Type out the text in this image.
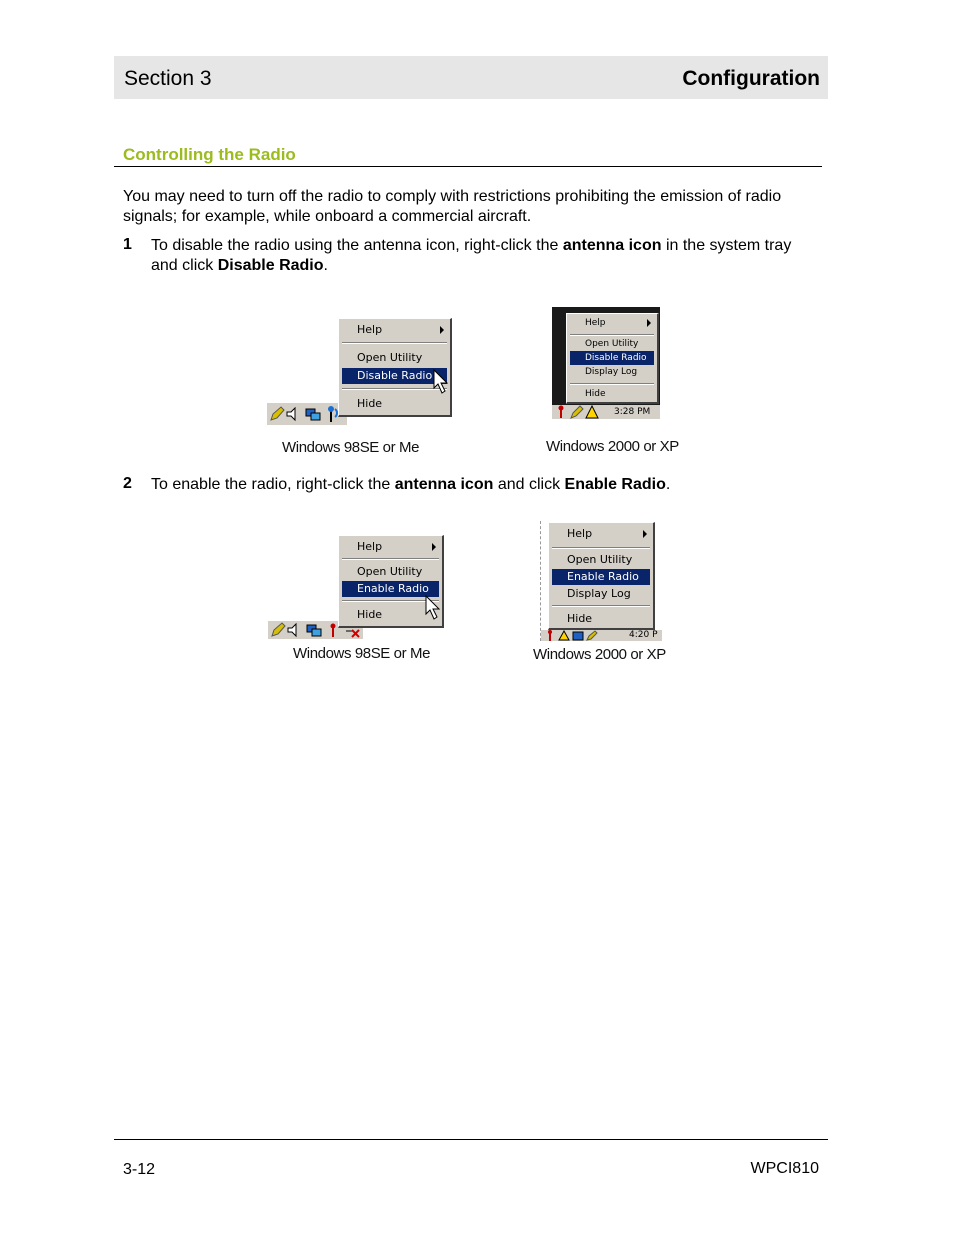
Section 3	Configuration
Controlling the Radio
You may need to turn off the radio to comply with restrictions prohibiting the emission of radio signals; for example, while onboard a commercial aircraft.
1 To disable the radio using the antenna icon, right-click the antenna icon in the system tray and click Disable Radio.
Help
Open Utility
Disable Radio
Hide
Windows 98SE or Me
Help
Open Utility
Disable Radio
Display Log
Hide
3:28 PM
Windows 2000 or XP
2 To enable the radio, right-click the antenna icon and click Enable Radio.
Help
Open Utility
Enable Radio
Hide
Windows 98SE or Me
Help
Open Utility
Enable Radio
Display Log
Hide
4:20 P
Windows 2000 or XP
3-12	WPCI810
